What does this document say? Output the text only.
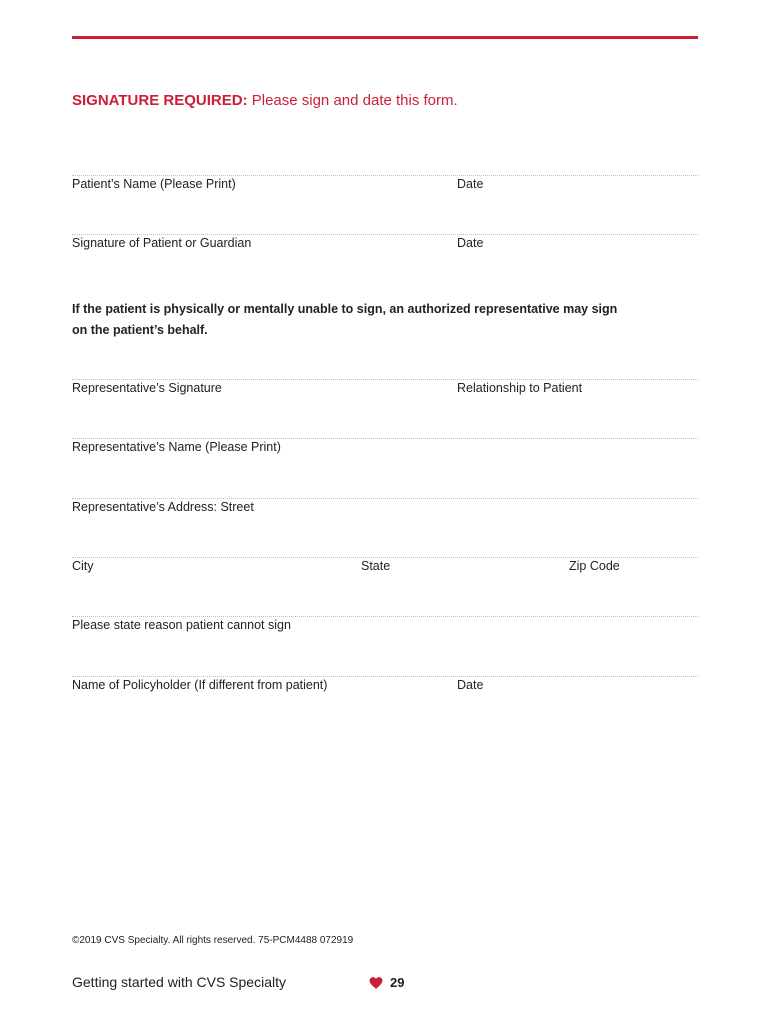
SIGNATURE REQUIRED: Please sign and date this form.
Patient’s Name (Please Print)	Date
Signature of Patient or Guardian	Date
If the patient is physically or mentally unable to sign, an authorized representative may sign on the patient’s behalf.
Representative’s Signature	Relationship to Patient
Representative’s Name (Please Print)
Representative’s Address: Street
City	State	Zip Code
Please state reason patient cannot sign
Name of Policyholder (If different from patient)	Date
©2019 CVS Specialty. All rights reserved. 75-PCM4488 072919
Getting started with CVS Specialty	29
